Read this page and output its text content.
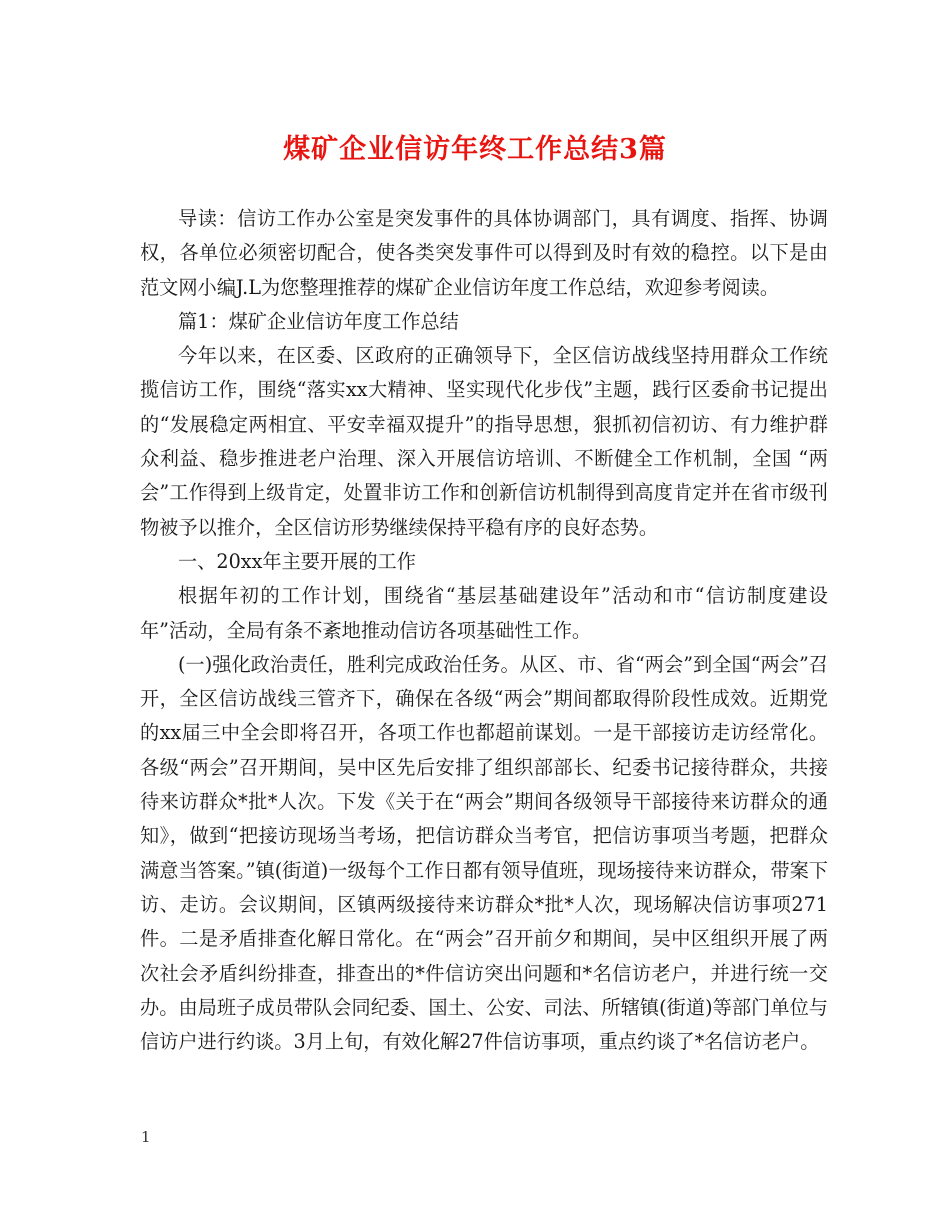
煤矿企业信访年终工作总结3篇

导读：信访工作办公室是突发事件的具体协调部门，具有调度、指挥、协调权，各单位必须密切配合，使各类突发事件可以得到及时有效的稳控。以下是由范文网小编J.L为您整理推荐的煤矿企业信访年度工作总结，欢迎参考阅读。

篇1：煤矿企业信访年度工作总结

今年以来，在区委、区政府的正确领导下，全区信访战线坚持用群众工作统揽信访工作，围绕“落实xx大精神、坚实现代化步伐”主题，践行区委俞书记提出的“发展稳定两相宜、平安幸福双提升”的指导思想，狠抓初信初访、有力维护群众利益、稳步推进老户治理、深入开展信访培训、不断健全工作机制，全国 “两会”工作得到上级肯定，处置非访工作和创新信访机制得到高度肯定并在省市级刊物被予以推介，全区信访形势继续保持平稳有序的良好态势。

一、20xx年主要开展的工作

根据年初的工作计划，围绕省“基层基础建设年”活动和市“信访制度建设年”活动，全局有条不紊地推动信访各项基础性工作。

(一)强化政治责任，胜利完成政治任务。从区、市、省“两会”到全国“两会”召开，全区信访战线三管齐下，确保在各级“两会”期间都取得阶段性成效。近期党的xx届三中全会即将召开，各项工作也都超前谋划。一是干部接访走访经常化。各级“两会”召开期间，吴中区先后安排了组织部部长、纪委书记接待群众，共接待来访群众*批*人次。下发《关于在“两会”期间各级领导干部接待来访群众的通知》，做到“把接访现场当考场，把信访群众当考官，把信访事项当考题，把群众满意当答案。”镇(街道)一级每个工作日都有领导值班，现场接待来访群众，带案下访、走访。会议期间，区镇两级接待来访群众*批*人次，现场解决信访事项271件。二是矛盾排查化解日常化。在“两会”召开前夕和期间，吴中区组织开展了两次社会矛盾纠纷排查，排查出的*件信访突出问题和*名信访老户，并进行统一交办。由局班子成员带队会同纪委、国土、公安、司法、所辖镇(街道)等部门单位与信访户进行约谈。3月上旬，有效化解27件信访事项，重点约谈了*名信访老户。

1
